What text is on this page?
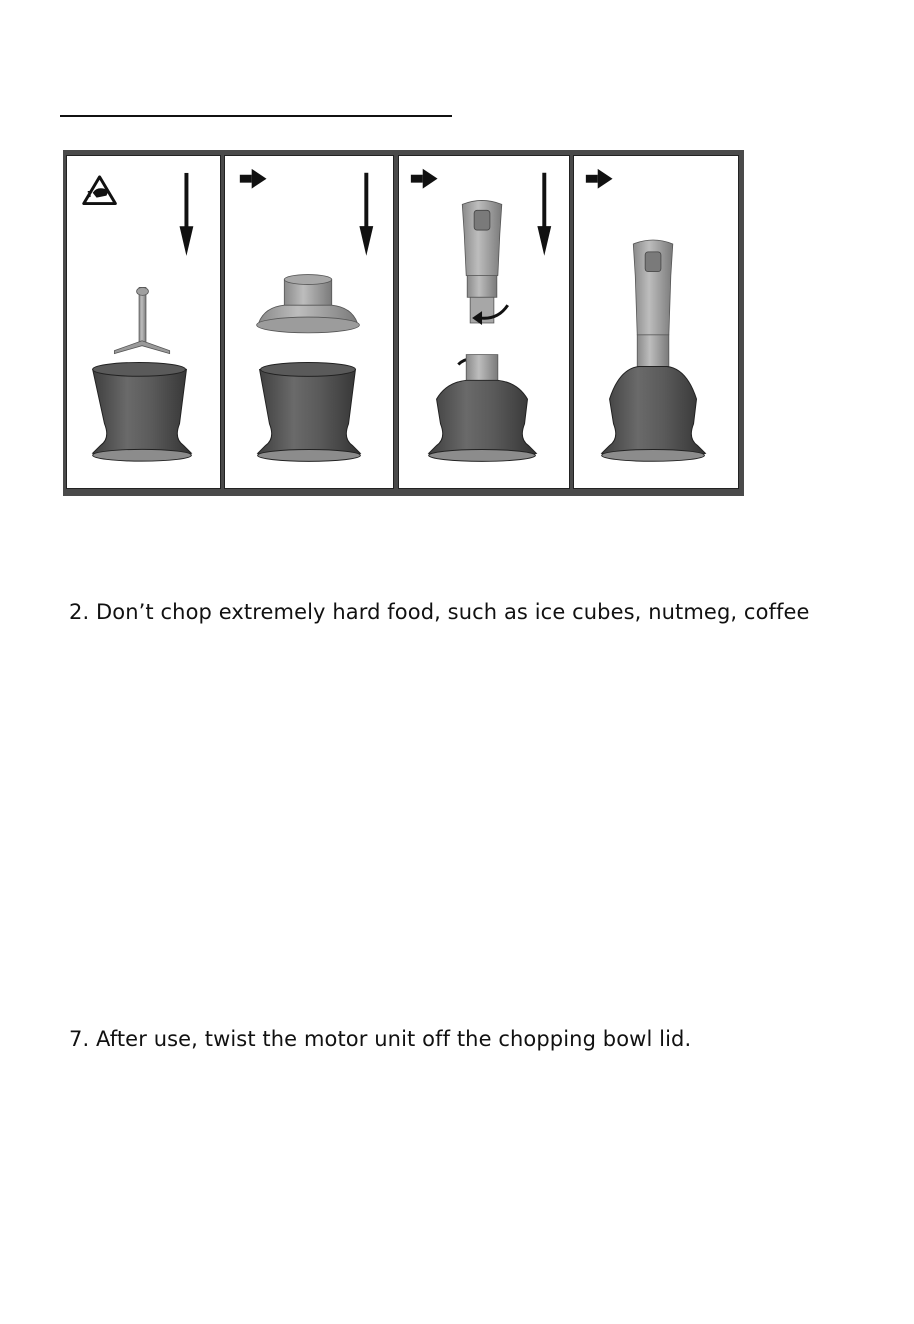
2. Don’t chop extremely hard food, such as ice cubes, nutmeg, coffee
7. After use, twist the motor unit off the chopping bowl lid.
